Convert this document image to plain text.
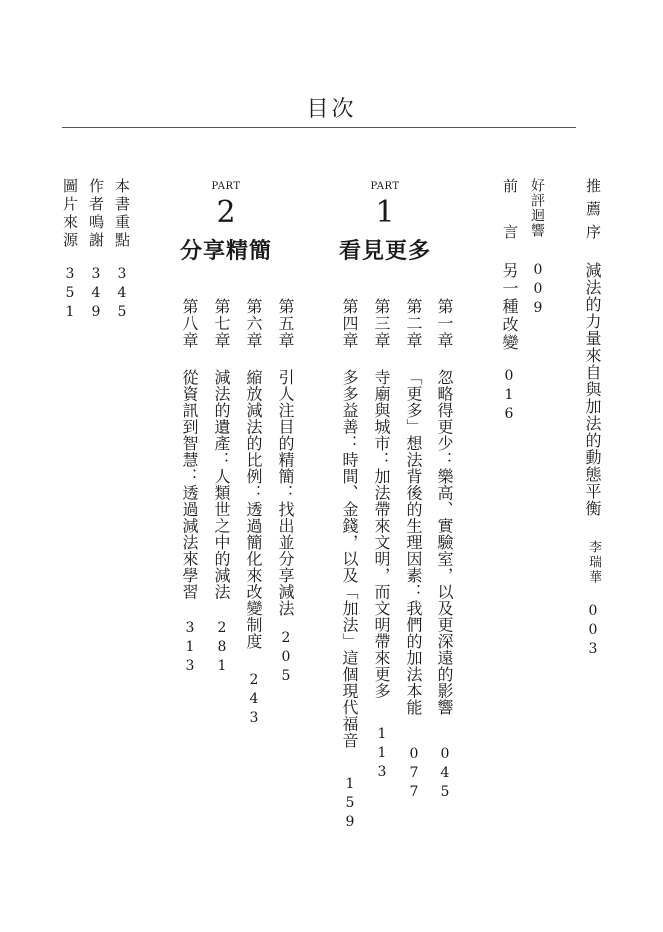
目次
推薦序
減法的力量來自與加法的動態平衡
李瑞華
003
好評迴響
009
前　言
另一種改變
016
PART
1
看見更多
PART
2
分享精簡
第一章
忽略得更少：樂高、實驗室，以及更深遠的影響
045
第二章
「更多」想法背後的生理因素：我們的加法本能
077
第三章
寺廟與城市：加法帶來文明，而文明帶來更多
113
第四章
多多益善：時間、金錢，以及「加法」這個現代福音
159
第五章
引人注目的精簡：找出並分享減法
205
第六章
縮放減法的比例：透過簡化來改變制度
243
第七章
減法的遺產：人類世之中的減法
281
第八章
從資訊到智慧：透過減法來學習
313
本書重點
345
作者鳴謝
349
圖片來源
351
